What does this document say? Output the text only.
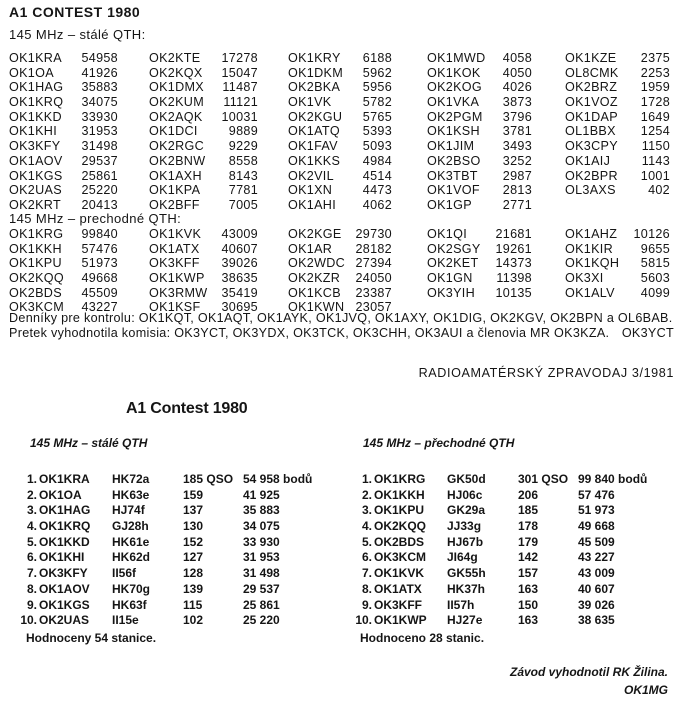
A1 CONTEST 1980
145 MHz – stálé QTH:
OK1KRA	54958 OK2KTE	17278 OK1KRY	6188	OK1MWD	4058	OK1KZE	2375
OK1OA	41926 OK2KQX	15047 OK1DKM	5962	OK1KOK	4050	OL8CMK	2253
OK1HAG	35883 OK1DMX	11487 OK2BKA	5956	OK2KOG	4026	OK2BRZ	1959
OK1KRQ	34075 OK2KUM	11121 OK1VK	5782	OK1VKA	3873	OK1VOZ	1728
OK1KKD	33930 OK2AQK	10031 OK2KGU	5765	OK2PGM	3796	OK1DAP	1649
OK1KHI	31953 OK1DCI	9889 OK1ATQ	5393	OK1KSH	3781	OL1BBX	1254
OK3KFY	31498 OK2RGC	9229 OK1FAV	5093	OK1JIM	3493	OK3CPY	1150
OK1AOV	29537 OK2BNW	8558 OK1KKS	4984	OK2BSO	3252	OK1AIJ	1143
OK1KGS	25861 OK1AXH	8143 OK2VIL	4514	OK3TBT	2987	OK2BPR	1001
OK2UAS	25220 OK1KPA	7781 OK1XN	4473	OK1VOF	2813	OL3AXS	402
OK2KRT	20413 OK2BFF	7005 OK1AHI	4062	OK1GP	2771
145 MHz – prechodné QTH:
OK1KRG	99840 OK1KVK	43009 OK2KGE	29730	OK1QI	21681	OK1AHZ	10126
OK1KKH	57476 OK1ATX	40607 OK1AR	28182	OK2SGY	19261	OK1KIR	9655
OK1KPU	51973 OK3KFF	39026 OK2WDC 27394	OK2KET	14373	OK1KQH	5815
OK2KQQ	49668 OK1KWP	38635 OK2KZR	24050	OK1GN	11398	OK3XI	5603
OK2BDS	45509 OK3RMW	35419 OK1KCB	23387	OK3YIH	10135	OK1ALV	4099
OK3KCM	43227 OK1KSF	30695 OK1KWN 23057
Denníky pre kontrolu: OK1KQT, OK1AQT, OK1AYK, OK1JVQ, OK1AXY, OK1DIG, OK2KGV, OK2BPN a OL6BAB. Pretek vyhodnotila komisia: OK3YCT, OK3YDX, OK3TCK, OK3CHH, OK3AUI a členovia MR OK3KZA. OK3YCT
RADIOAMATÉRSKÝ ZPRAVODAJ 3/1981
A1 Contest 1980
145 MHz – stálé QTH
1. OK1KRA HK72a	185 QSO 54 958 bodů
2. OK1OA	HK63e	159	41 925
3. OK1HAG HJ74f	137	35 883
4. OK1KRQ GJ28h	130	34 075
5. OK1KKD HK61e	152	33 930
6. OK1KHI HK62d	127	31 953
7. OK3KFY II56f	128	31 498
8. OK1AOV HK70g	139	29 537
9. OK1KGS HK63f	115	25 861
10. OK2UAS II15e	102	25 220
Hodnoceny 54 stanice.
145 MHz – přechodné QTH
1. OK1KRG GK50d	301 QSO 99 840 bodů
2. OK1KKH HJ06c	206	57 476
3. OK1KPU GK29a	185	51 973
4. OK2KQQ JJ33g	178	49 668
5. OK2BDS HJ67b	179	45 509
6. OK3KCM JI64g	142	43 227
7. OK1KVK GK55h	157	43 009
8. OK1ATX HK37h	163	40 607
9. OK3KFF II57h	150	39 026
10. OK1KWP HJ27e	163	38 635
Hodnoceno 28 stanic.
Závod vyhodnotil RK Žilina.
OK1MG
